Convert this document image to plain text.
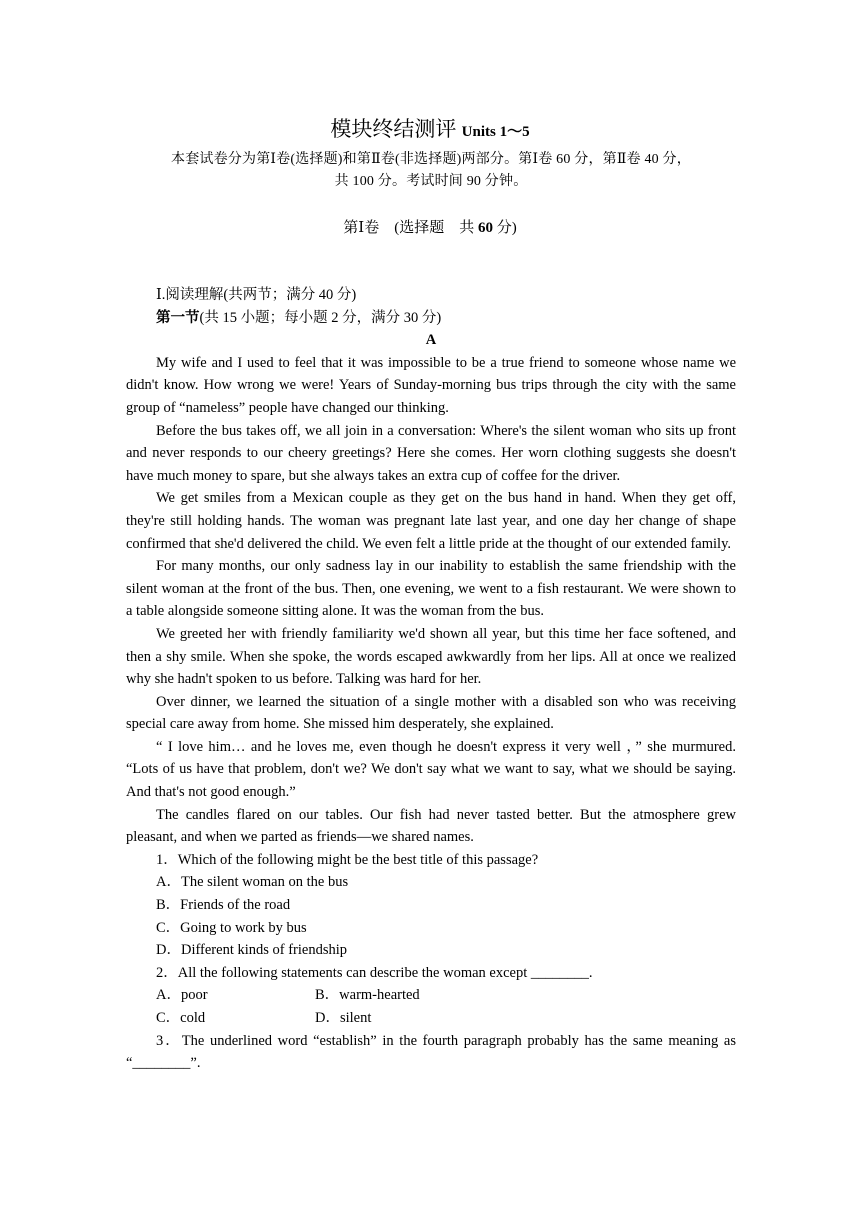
模块终结测评 Units 1～5

本套试卷分为第Ⅰ卷(选择题)和第Ⅱ卷(非选择题)两部分。第Ⅰ卷 60 分，第Ⅱ卷 40 分，

共 100 分。考试时间 90 分钟。

第Ⅰ卷　(选择题　共 60 分)

Ⅰ.阅读理解(共两节；满分 40 分)

第一节(共 15 小题；每小题 2 分，满分 30 分)

A

My wife and I used to feel that it was impossible to be a true friend to someone whose name we didn't know. How wrong we were! Years of Sunday-morning bus trips through the city with the same group of “nameless” people have changed our thinking.

Before the bus takes off, we all join in a conversation: Where's the silent woman who sits up front and never responds to our cheery greetings? Here she comes. Her worn clothing suggests she doesn't have much money to spare, but she always takes an extra cup of coffee for the driver.

We get smiles from a Mexican couple as they get on the bus hand in hand. When they get off, they're still holding hands. The woman was pregnant late last year, and one day her change of shape confirmed that she'd delivered the child. We even felt a little pride at the thought of our extended family.

For many months, our only sadness lay in our inability to establish the same friendship with the silent woman at the front of the bus. Then, one evening, we went to a fish restaurant. We were shown to a table alongside someone sitting alone. It was the woman from the bus.

We greeted her with friendly familiarity we'd shown all year, but this time her face softened, and then a shy smile. When she spoke, the words escaped awkwardly from her lips. All at once we realized why she hadn't spoken to us before. Talking was hard for her.

Over dinner, we learned the situation of a single mother with a disabled son who was receiving special care away from home. She missed him desperately, she explained.

“ I love him… and he loves me, even though he doesn't express it very well ，” she murmured. “Lots of us have that problem, don't we? We don't say what we want to say, what we should be saying. And that's not good enough.”

The candles flared on our tables. Our fish had never tasted better. But the atmosphere grew pleasant, and when we parted as friends—we shared names.

1．Which of the following might be the best title of this passage?

A．The silent woman on the bus

B．Friends of the road

C．Going to work by bus

D．Different kinds of friendship

2．All the following statements can describe the woman except ________.

A．poor	B．warm-hearted

C．cold	D．silent

3．The underlined word “establish” in the fourth paragraph probably has the same meaning as “________”.
